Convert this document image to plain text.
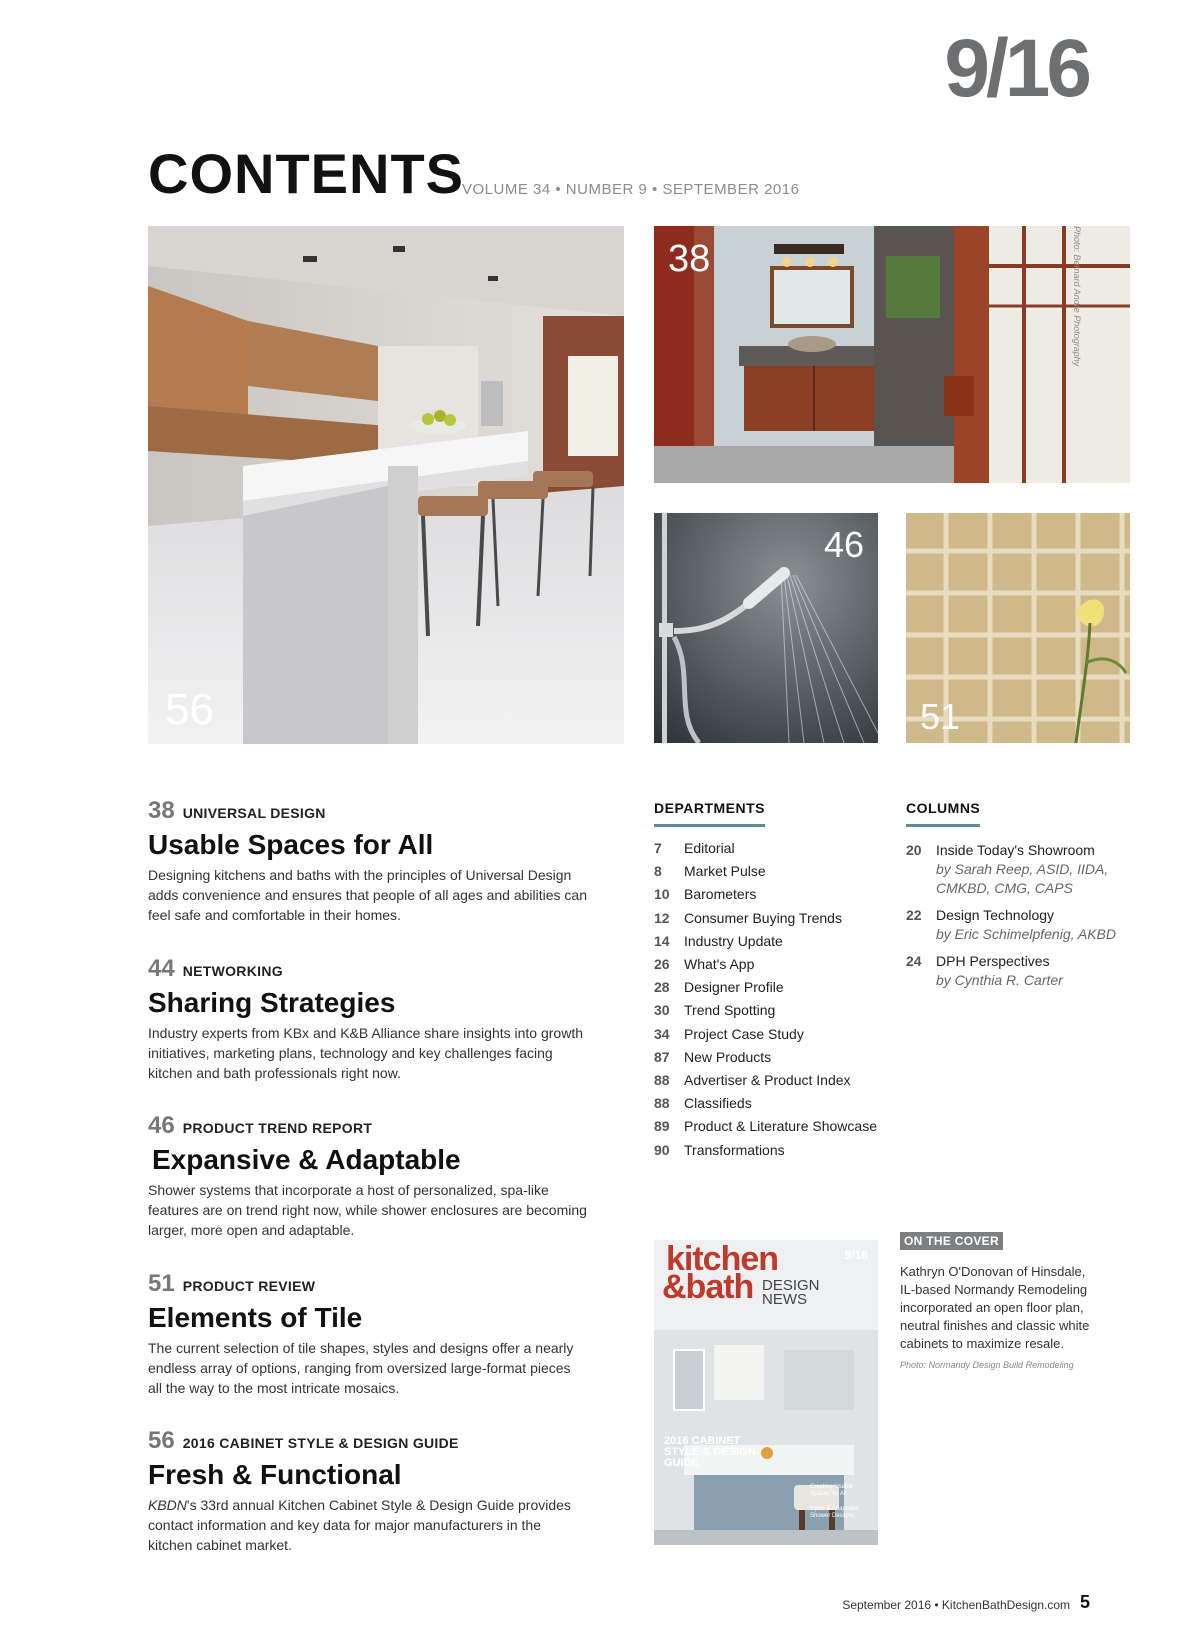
9/16
CONTENTS
VOLUME 34 • NUMBER 9 • SEPTEMBER 2016
56
38	Photo: Bernard Andre Photography
46
51
38 UNIVERSAL DESIGN
Usable Spaces for All
Designing kitchens and baths with the principles of Universal Design adds convenience and ensures that people of all ages and abilities can feel safe and comfortable in their homes.
44 NETWORKING
Sharing Strategies
Industry experts from KBx and K&B Alliance share insights into growth initiatives, marketing plans, technology and key challenges facing kitchen and bath professionals right now.
46 PRODUCT TREND REPORT
Expansive & Adaptable
Shower systems that incorporate a host of personalized, spa-like features are on trend right now, while shower enclosures are becoming larger, more open and adaptable.
51 PRODUCT REVIEW
Elements of Tile
The current selection of tile shapes, styles and designs offer a nearly endless array of options, ranging from oversized large-format pieces all the way to the most intricate mosaics.
56 2016 CABINET STYLE & DESIGN GUIDE
Fresh & Functional
KBDN's 33rd annual Kitchen Cabinet Style & Design Guide provides contact information and key data for major manufacturers in the kitchen cabinet market.
DEPARTMENTS
7 Editorial
8 Market Pulse
10 Barometers
12 Consumer Buying Trends
14 Industry Update
26 What's App
28 Designer Profile
30 Trend Spotting
34 Project Case Study
87 New Products
88 Advertiser & Product Index
88 Classifieds
89 Product & Literature Showcase
90 Transformations
COLUMNS
20 Inside Today's Showroom
by Sarah Reep, ASID, IIDA, CMKBD, CMG, CAPS
22 Design Technology
by Eric Schimelpfenig, AKBD
24 DPH Perspectives
by Cynthia R. Carter
9/16
kitchen
&bath DESIGN
NEWS
2016 CABINET STYLE & DESIGN GUIDE
Creating Usable Spaces for All
Open & Adaptable Shower Designs
ON THE COVER
Kathryn O'Donovan of Hinsdale, IL-based Normandy Remodeling incorporated an open floor plan, neutral finishes and classic white cabinets to maximize resale.
Photo: Normandy Design Build Remodeling
September 2016 • KitchenBathDesign.com 5
